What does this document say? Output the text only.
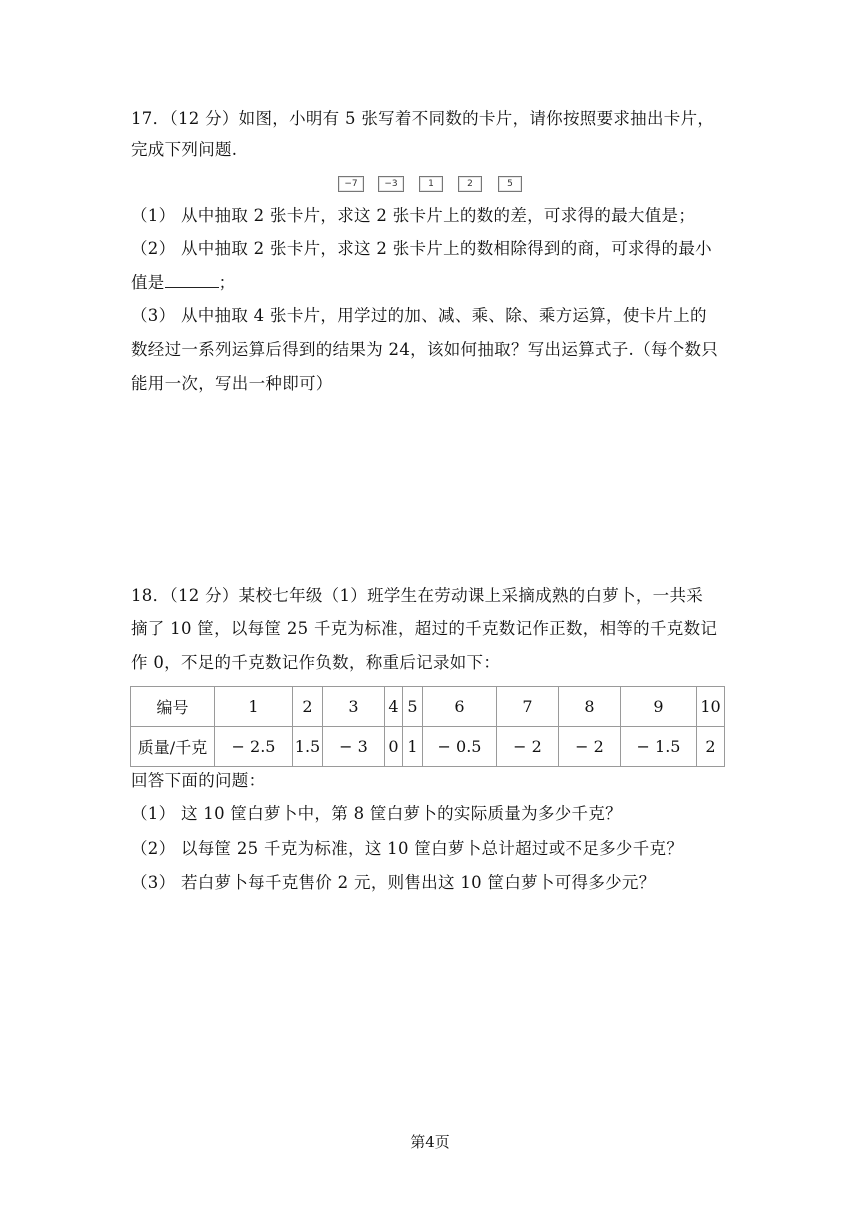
17．（12 分）如图，小明有 5 张写着不同数的卡片，请你按照要求抽出卡片，
完成下列问题.
−7	−3	1	2	5
（1） 从中抽取 2 张卡片，求这 2 张卡片上的数的差，可求得的最大值是；
（2） 从中抽取 2 张卡片，求这 2 张卡片上的数相除得到的商，可求得的最小
值是	；
（3） 从中抽取 4 张卡片，用学过的加、减、乘、除、乘方运算，使卡片上的
数经过一系列运算后得到的结果为 24，该如何抽取？写出运算式子.（每个数只
能用一次，写出一种即可）
18．（12 分）某校七年级（1）班学生在劳动课上采摘成熟的白萝卜，一共采
摘了 10 筐，以每筐 25 千克为标准，超过的千克数记作正数，相等的千克数记
作 0，不足的千克数记作负数，称重后记录如下：
编号	1	2	3	4	5	6	7	8	9	10
质量/千克	− 2.5	1.5	− 3	0	1	− 0.5	− 2	− 2	− 1.5	2
回答下面的问题：
（1） 这 10 筐白萝卜中，第 8 筐白萝卜的实际质量为多少千克？
（2） 以每筐 25 千克为标准，这 10 筐白萝卜总计超过或不足多少千克？
（3） 若白萝卜每千克售价 2 元，则售出这 10 筐白萝卜可得多少元？
第4页
